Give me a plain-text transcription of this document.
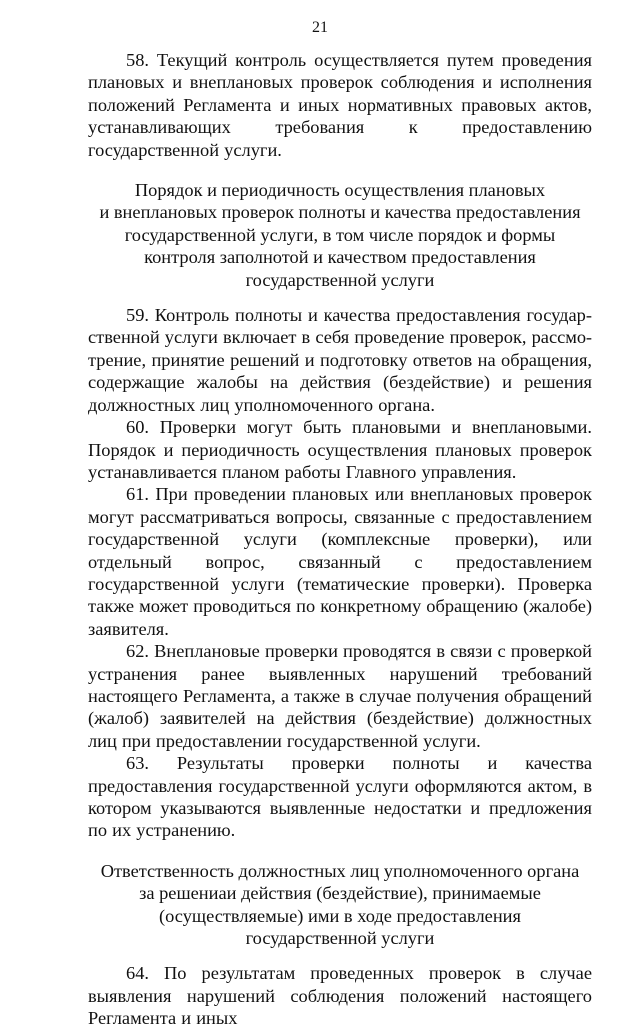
21

58. Текущий контроль осуществляется путем проведения плановых и внеплановых проверок соблюдения и исполнения положений Регламента и иных нормативных правовых актов, устанавливающих требования к предоставлению государственной услуги.

Порядок и периодичность осуществления плановых
и внеплановых проверок полноты и качества предоставления
государственной услуги, в том числе порядок и формы
контроля заполнотой и качеством предоставления
государственной услуги

59. Контроль полноты и качества предоставления государственной услуги включает в себя проведение проверок, рассмотрение, принятие решений и подготовку ответов на обращения, содержащие жалобы на действия (бездействие) и решения должностных лиц уполномоченного органа.

60. Проверки могут быть плановыми и внеплановыми. Порядок и периодичность осуществления плановых проверок устанавливается планом работы Главного управления.

61. При проведении плановых или внеплановых проверок могут рассматриваться вопросы, связанные с предоставлением государственной услуги (комплексные проверки), или отдельный вопрос, связанный с предоставлением государственной услуги (тематические проверки). Проверка также может проводиться по конкретному обращению (жалобе) заявителя.

62. Внеплановые проверки проводятся в связи с проверкой устранения ранее выявленных нарушений требований настоящего Регламента, а также в случае получения обращений (жалоб) заявителей на действия (бездействие) должностных лиц при предоставлении государственной услуги.

63. Результаты проверки полноты и качества предоставления государственной услуги оформляются актом, в котором указываются выявленные недостатки и предложения по их устранению.

Ответственность должностных лиц уполномоченного органа
за решениаи действия (бездействие), принимаемые
(осуществляемые) ими в ходе предоставления
государственной услуги

64. По результатам проведенных проверок в случае выявления нарушений соблюдения положений настоящего Регламента и иных
